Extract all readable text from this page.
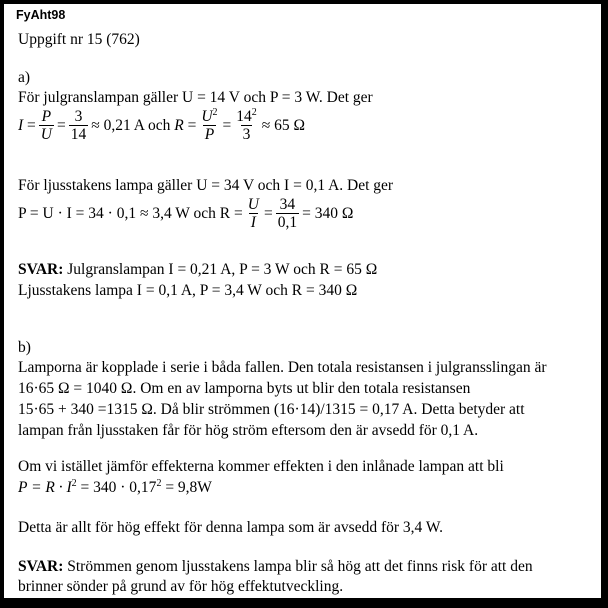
FyAht98

Uppgift nr 15 (762)

a)

För julgranslampan gäller U = 14 V och P = 3 W. Det ger

$I = \frac{P}{U} = \frac{3}{14} \approx 0,21$ A och
$R = \frac{U^2}{P} = \frac{14^2}{3} \approx 65$ Ω

För ljusstakens lampa gäller U = 34 V och I = 0,1 A. Det ger

P = U · I = 34 · 0,1 ≈ 3,4 W och $R = \frac{U}{I} = \frac{34}{0,1} = 340$ Ω

SVAR: Julgranslampan I = 0,21 A, P = 3 W och R = 65 Ω

Ljusstakens lampa I = 0,1 A, P = 3,4 W och R = 340 Ω

b)

Lamporna är kopplade i serie i båda fallen. Den totala resistansen i julgransslingan är

16·65 Ω = 1040 Ω. Om en av lamporna byts ut blir den totala resistansen

15·65 + 340 =1315 Ω. Då blir strömmen (16·14)/1315 = 0,17 A. Detta betyder att

lampan från ljusstaken får för hög ström eftersom den är avsedd för 0,1 A.

Om vi istället jämför effekterna kommer effekten i den inlånade lampan att bli

$P = R \cdot I^2 = 340 \cdot 0,17^2 = 9,8W$

Detta är allt för hög effekt för denna lampa som är avsedd för 3,4 W.

SVAR: Strömmen genom ljusstakens lampa blir så hög att det finns risk för att den

brinner sönder på grund av för hög effektutveckling.
